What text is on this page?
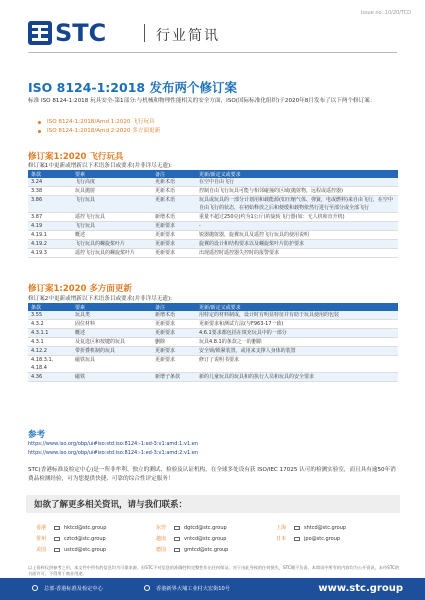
Issue no.:10/20/TCD
STC	行业简讯
ISO 8124-1:2018 发布两个修订案
标准 ISO 8124-1:2018 玩具安全-第1部分:与机械和物理性能相关的安全方面，ISO(国际标准化组织)于2020年8月发布了以下两个修订案：
ISO 8124-1:2018/Amd 1:2020 飞行玩具
ISO 8124-1:2018/Amd 2:2020 多方面更新
修订案1:2020 飞行玩具
修订案1中更新或增新以下术语条目或要求(并非详尽无遗):
条款	要素	备注	更新/新定义或要求
3.24	飞行高度	更新术语	在空中自由飞行
3.38	玩具抛射	更新术语	控制自由飞行玩具可能与相邻碰撞的区域(抛射物，远程或遥控器)
3.86	飞行玩具	更新术语	玩具或玩具的一部分计划用和载能源(如压缩气体、弹簧，电或燃料)来自由飞行，在空中自由飞行的状态，在初始释放之后和便缓和载物依然行进行至部分或全部飞行
3.87	遥控飞行玩具	新增术语	重量不超过250克(约为1公斤)的旋转飞行器(如：无人机和直升机)
4.19	飞行玩具	更新要求	-
4.19.1	概述	更新要求	锐器抛射器，旋翼玩具及遥控飞行玩具的使用说明
4.19.2	飞行玩具的螺旋桨叶片	更新要求	旋翼的设计和结构要求以及螺旋桨叶片防护要求
4.19.3	遥控飞行玩具的螺旋桨叶片	更新要求	出现遥控时遥控器失控时的报警要求
修订案1:2020 多方面更新
修订案2中更新或增新以下术语条目或要求(并非详尽无遗):
条款	要素	备注	更新/新定义或要求
3.55	玩具类	新增术语	用特定的材料制成，设计时有明显特征并有助于玩具使用的包装
4.3.2	固位材料	更新要求	更新要求和测试方法(与F963-17一致)
4.3.1.1	概述	更新要求	4.6.1要求都包括在填充玩具中的一部分
4.3.1	及复选区和按键的玩具	删除	玩具4.8.1的条款之一的删除
4.12.2	带折叠机制的玩具	更新要求	安全锁/锁紧装置，或用来支撑人身体的装置
4.18.3.1、4.18.4	磁铁玩具	更新要求	修订了说明书要求
4.36	磁铁	新增子条款	新的儿童玩具的玩具和的执行人员和玩具的安全要求
参考
https://www.iso.org/obp/ui#iso:std:iso:8124:-1:ed-3:v1:amd:1:v1:en
https://www.iso.org/obp/ui#iso:std:iso:8124:-1:ed-3:v1:amd:2:v1:en
STC(香港标准及检定中心)是一所非牟利、独立的测试、检验及认证机构，在全球多处设有获 ISO/IEC 17025 认可的检测实验室，而且具有逾50年消费品检测经验，可为您提供快捷、可靠的综合性评定服务！
如欲了解更多相关资讯，请与我们联系：
香港	hktcd@stc.group	东莞	dgtcd@stc.group	上海	shtcd@stc.group
常州	cztcd@stc.group	越南	vntcd@stc.group	日本	jpo@stc.group
美国	ustcd@stc.group	德国	gmtcd@stc.group
以上资料仅供参考之用，本文件中所有的信息均为可靠来源，但STC不对信息的准确性和完整性作出任何保证。对于由此导致的任何损失，STC概不负责。本简讯中所有的内容均为公开资讯，未经STC的书面许可，不得用于商业用途。
总部·香港标准及检定中心	香港新界大埔工业村大宏街10号	www.stc.group
